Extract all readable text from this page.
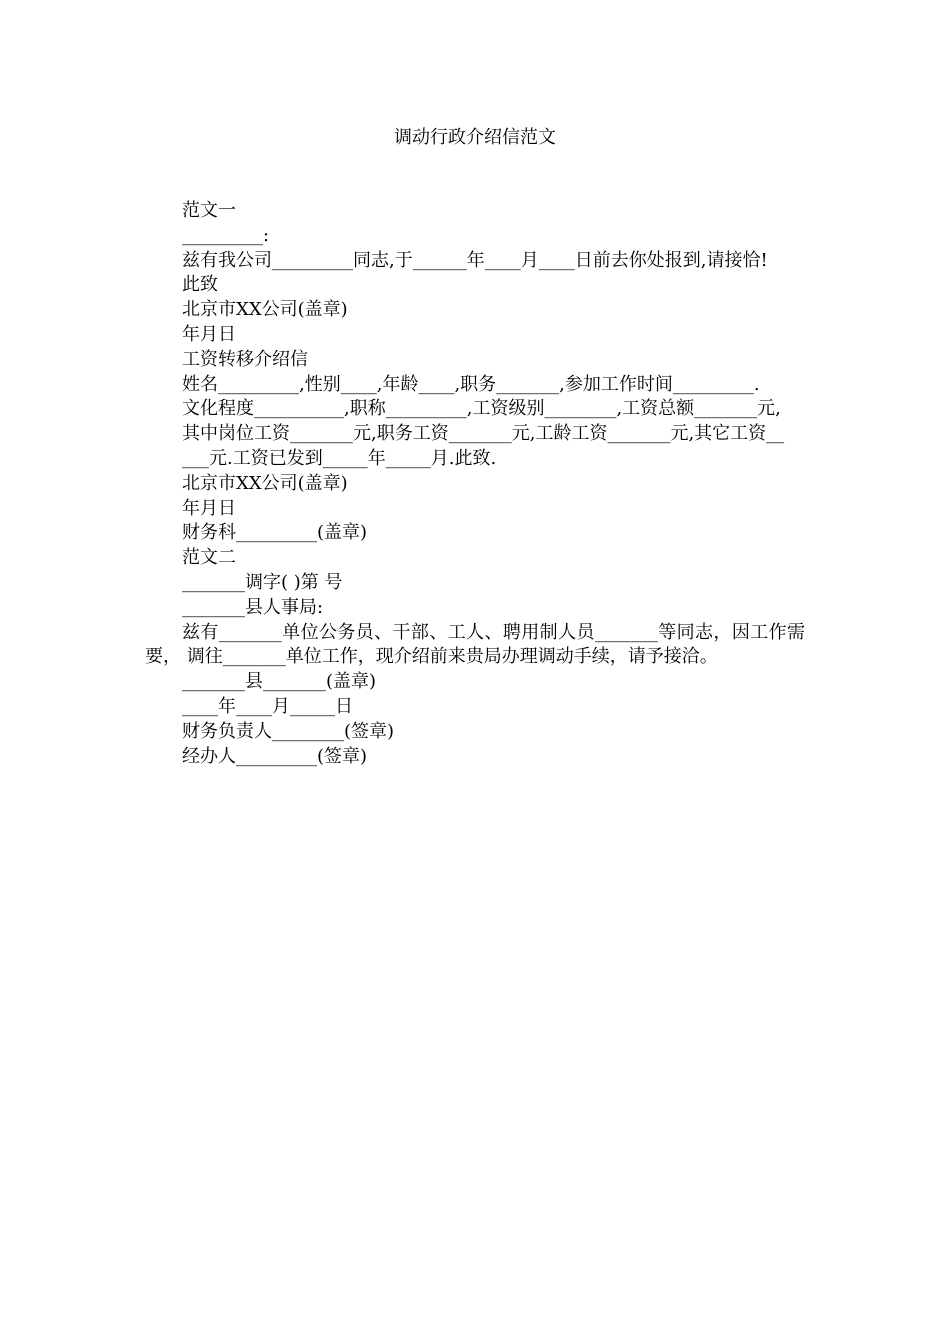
调动行政介绍信范文

范文一

_________:

兹有我公司_________同志,于______年____月____日前去你处报到,请接恰!

此致

北京市XX公司(盖章)

年月日

工资转移介绍信

姓名_________,性别____,年龄____,职务_______,参加工作时间_________.

文化程度__________,职称_________,工资级别________,工资总额_______元,

其中岗位工资_______元,职务工资_______元,工龄工资_______元,其它工资__

___元.工资已发到_____年_____月.此致.

北京市XX公司(盖章)

年月日

财务科_________(盖章)

范文二

_______调字( )第 号

_______县人事局:

兹有_______单位公务员、干部、工人、聘用制人员_______等同志，因工作需要， 调往_______单位工作，现介绍前来贵局办理调动手续，请予接洽。

_______县_______(盖章)

____年____月_____日

财务负责人________(签章)

经办人_________(签章)
